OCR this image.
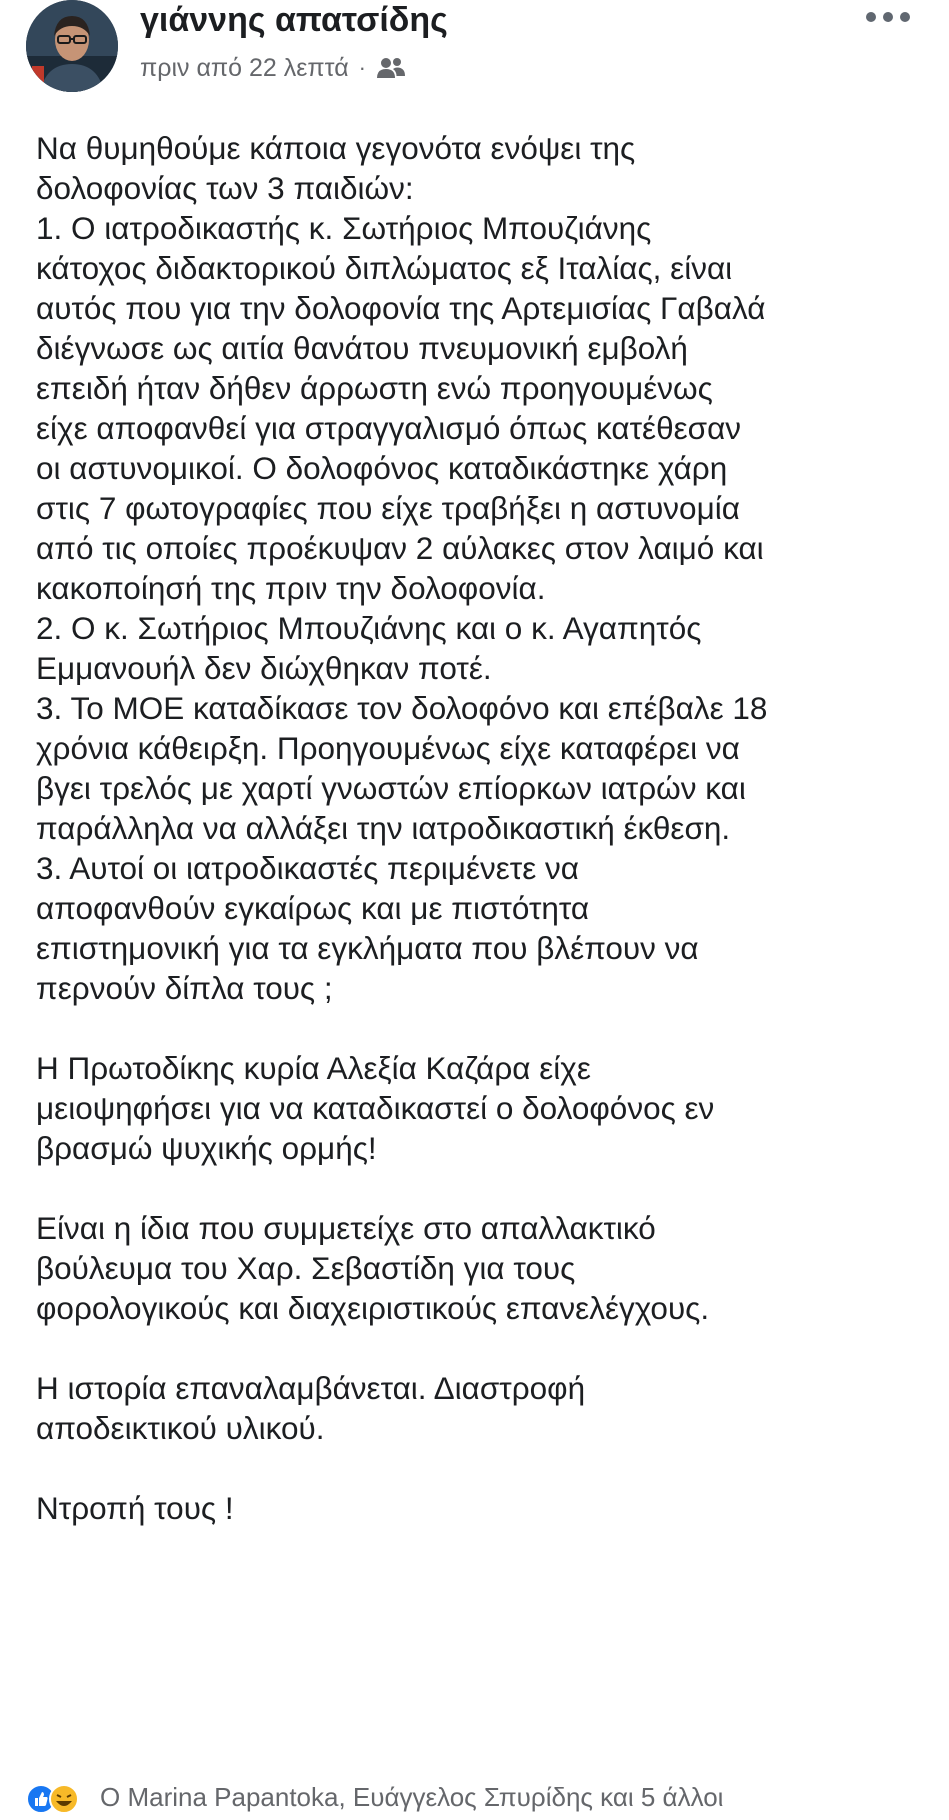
γιάννης απατσίδης
πριν από 22 λεπτά ·
Να θυμηθούμε κάποια γεγονότα ενόψει της
δολοφονίας των 3 παιδιών:
1. Ο ιατροδικαστής κ. Σωτήριος Μπουζιάνης
κάτοχος διδακτορικού διπλώματος εξ Ιταλίας, είναι
αυτός που για την δολοφονία της Αρτεμισίας Γαβαλά
διέγνωσε ως αιτία θανάτου πνευμονική εμβολή
επειδή ήταν δήθεν άρρωστη ενώ προηγουμένως
είχε αποφανθεί για στραγγαλισμό όπως κατέθεσαν
οι αστυνομικοί. Ο δολοφόνος καταδικάστηκε χάρη
στις 7 φωτογραφίες που είχε τραβήξει η αστυνομία
από τις οποίες προέκυψαν 2 αύλακες στον λαιμό και
κακοποίησή της πριν την δολοφονία.
2. Ο κ. Σωτήριος Μπουζιάνης και ο κ. Αγαπητός
Εμμανουήλ δεν διώχθηκαν ποτέ.
3. Το ΜΟΕ καταδίκασε τον δολοφόνο και επέβαλε 18
χρόνια κάθειρξη. Προηγουμένως είχε καταφέρει να
βγει τρελός με χαρτί γνωστών επίορκων ιατρών και
παράλληλα να αλλάξει την ιατροδικαστική έκθεση.
3. Αυτοί οι ιατροδικαστές περιμένετε να
αποφανθούν εγκαίρως και με πιστότητα
επιστημονική για τα εγκλήματα που βλέπουν να
περνούν δίπλα τους ;
Η Πρωτοδίκης κυρία Αλεξία Καζάρα είχε
μειοψηφήσει για να καταδικαστεί ο δολοφόνος εν
βρασμώ ψυχικής ορμής!
Είναι η ίδια που συμμετείχε στο απαλλακτικό
βούλευμα του Χαρ. Σεβαστίδη για τους
φορολογικούς και διαχειριστικούς επανελέγχους.
Η ιστορία επαναλαμβάνεται. Διαστροφή
αποδεικτικού υλικού.
Ντροπή τους !
Ο Marina Papantoka, Ευάγγελος Σπυρίδης και 5 άλλοι
